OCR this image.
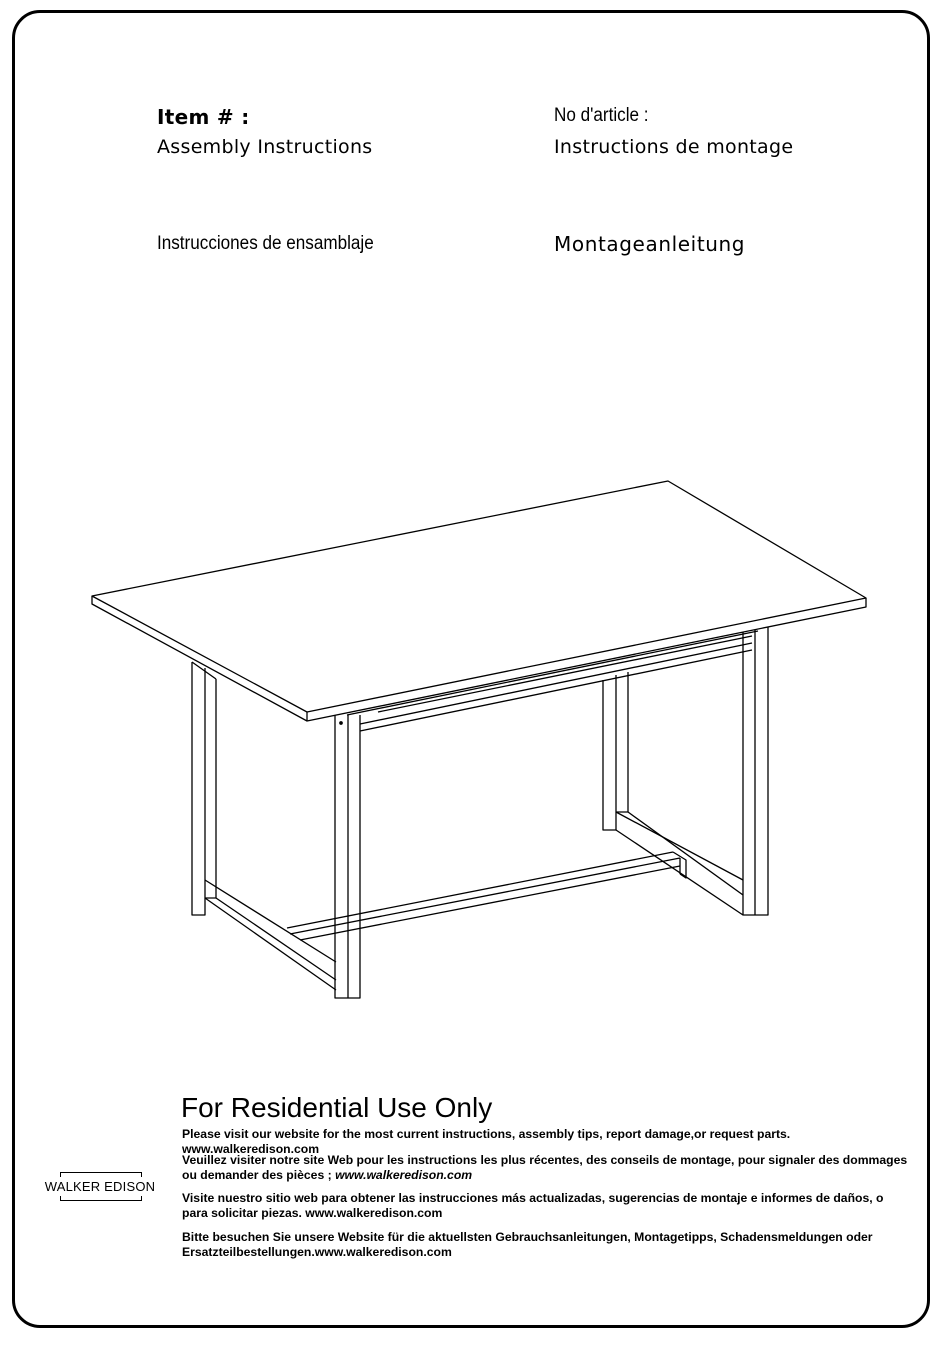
Item # :
Assembly Instructions
No d'article :
Instructions de montage
Instrucciones de ensamblaje	Montageanleitung
For Residential Use Only
Please visit our website for the most current instructions, assembly tips, report damage,or request parts.   www.walkeredison.com
Veuillez visiter notre site Web pour les instructions les plus récentes, des conseils de montage, pour signaler des dommages ou demander des pièces ; www.walkeredison.com
Visite nuestro sitio web para obtener las instrucciones más actualizadas, sugerencias de montaje e informes de daños, o para solicitar piezas. www.walkeredison.com
Bitte besuchen Sie unsere Website für die aktuellsten Gebrauchsanleitungen, Montagetipps, Schadensmeldungen oder Ersatzteilbestellungen.www.walkeredison.com
WALKER EDISON
